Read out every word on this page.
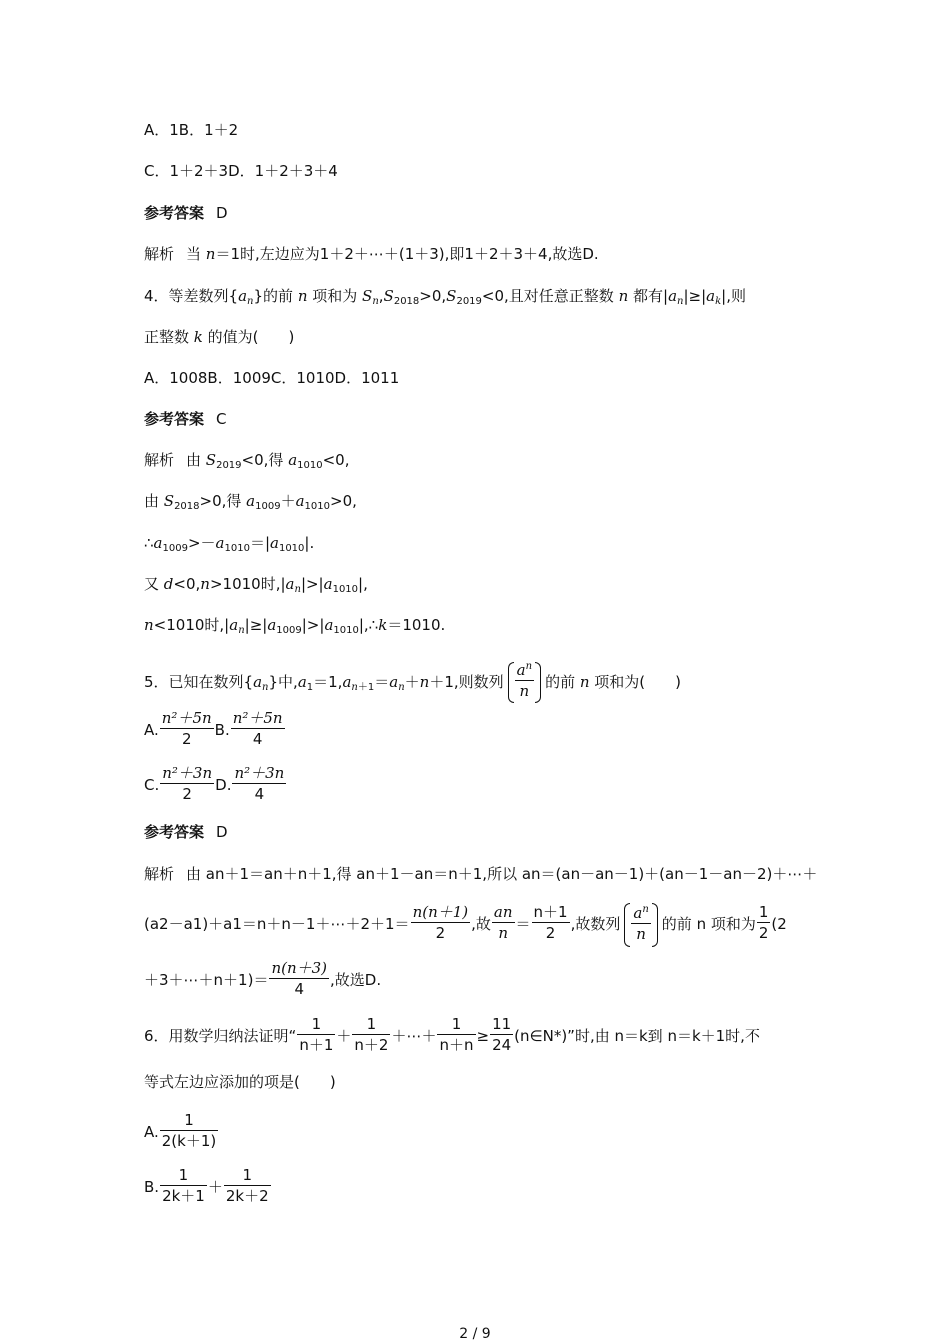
A．1B．1＋2
C．1＋2＋3D．1＋2＋3＋4
参考答案 D
解析 当 n＝1时,左边应为1＋2＋⋯＋(1＋3),即1＋2＋3＋4,故选D.
4．等差数列$\{a_n\}$的前 n 项和为 $S_n,S_{2018}>0,S_{2019}<0$,且对任意正整数 n 都有$|a_n|\ge|a_k|$,则
正整数 k 的值为(　　)
A．1008B．1009C．1010D．1011
参考答案 C
解析 由 $S_{2019}<0$,得 $a_{1010}<0$,
由 $S_{2018}>0$,得 $a_{1009}+a_{1010}>0$,
$\therefore a_{1009}>-a_{1010}=|a_{1010}|$.
又 d<0,n>1010时$,|a_n|>|a_{1010}|$,
n<1010时$,|a_n|\ge|a_{1009}|>|a_{1010}|,\therefore k=1010$.
5．已知在数列$\{a_n\}$中$,a_1=1,a_{n+1}=a_n+n+1$,则数列 $\frac{a^n}{n}$ 的前 n 项和为(　　)
A. $\frac{\text{n²＋5n}}{2} B$. $\frac{\text{n²＋5n}}{4}$
C. $\frac{\text{n²＋3n}}{2} D$. $\frac{\text{n²＋3n}}{4}$
参考答案 D
解析 由 an＋1＝an＋n＋1,得 an＋1－an＝n＋1,所以 an＝(an－an－1)＋(an－1－an－2)＋⋯＋
(a2－a1)＋a1＝n＋n－1＋⋯＋2＋1＝ $\frac{n(n+1)}{2}$ ,故 $\frac{an}{n} = \frac{n+1}{2}$ ,故数列 $\frac{a^n}{n}$ 的前 n 项和为 $\frac{1}{2} (2$
＋3＋⋯＋n＋1)＝ $\frac{n(n+3)}{4}$ ,故选D.
6．用数学归纳法证明“ $\frac{1}{n+1} + \frac{1}{n+2}$ ＋⋯＋ $\frac{1}{n+n} \ge \frac{11}{24}$ (n∈N*)”时,由 n＝k到 n＝k＋1时,不
等式左边应添加的项是(　　)
A. $\frac{1}{2(k+1)}$
B. $\frac{1}{2k+1} + \frac{1}{2k+2}$
2 / 9
